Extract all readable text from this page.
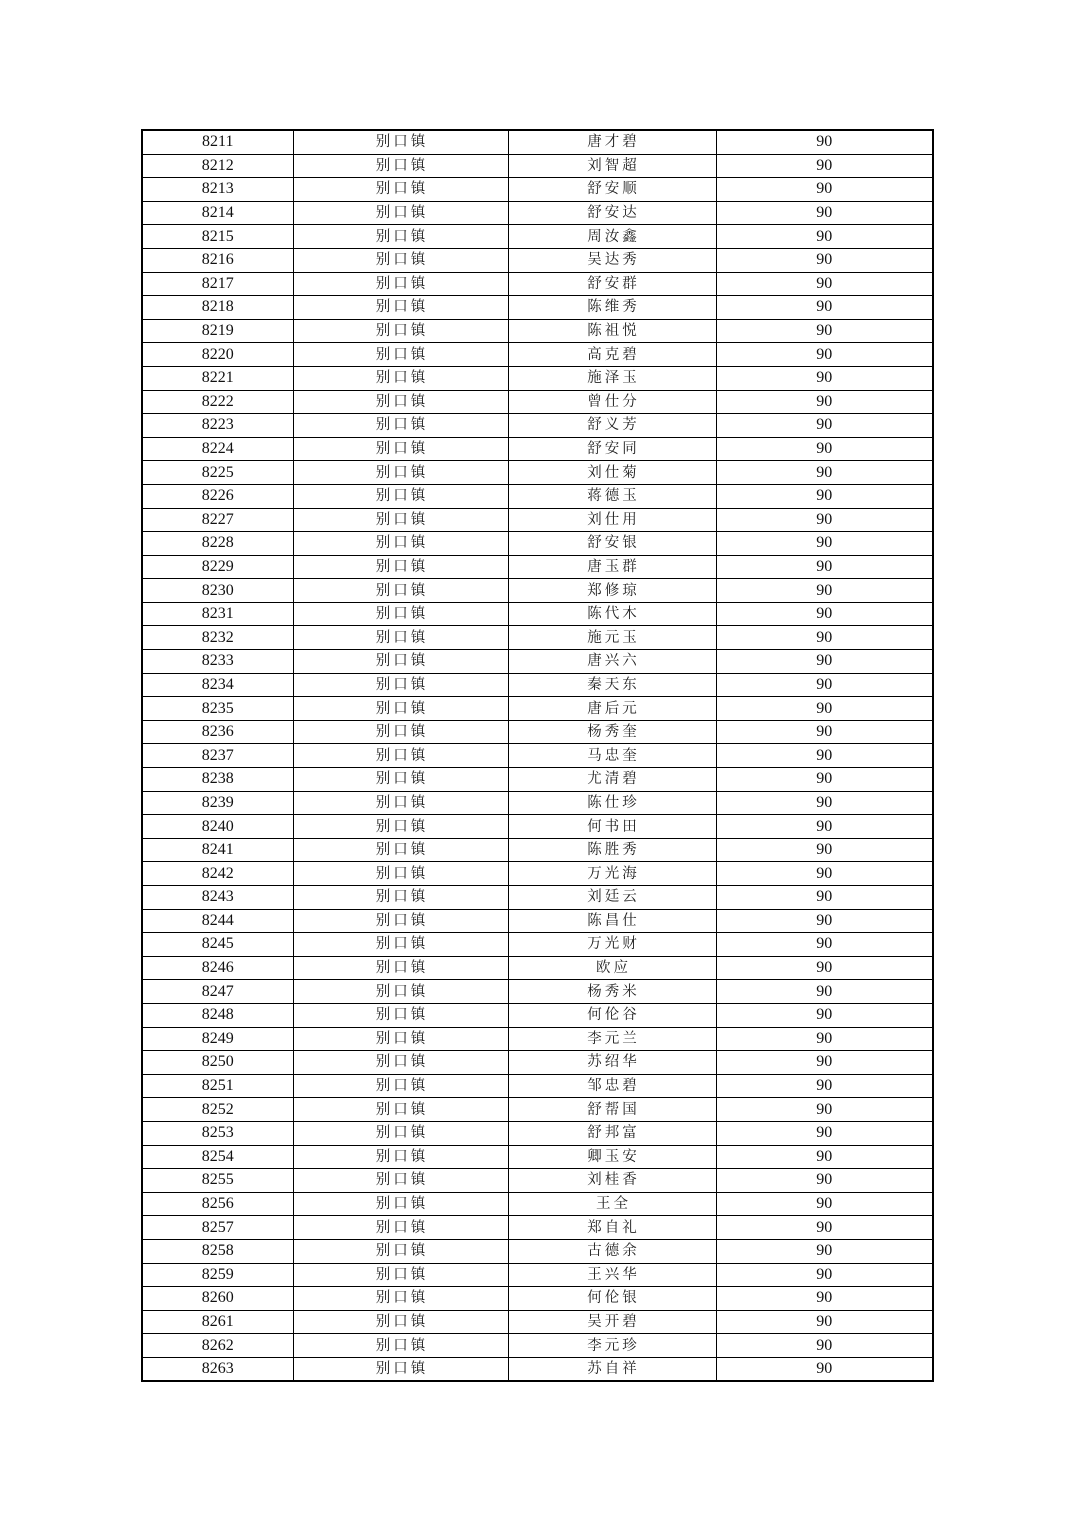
8211	别口镇	唐才碧	90
8212	别口镇	刘智超	90
8213	别口镇	舒安顺	90
8214	别口镇	舒安达	90
8215	别口镇	周汝鑫	90
8216	别口镇	吴达秀	90
8217	别口镇	舒安群	90
8218	别口镇	陈维秀	90
8219	别口镇	陈祖悦	90
8220	别口镇	高克碧	90
8221	别口镇	施泽玉	90
8222	别口镇	曾仕分	90
8223	别口镇	舒义芳	90
8224	别口镇	舒安同	90
8225	别口镇	刘仕菊	90
8226	别口镇	蒋德玉	90
8227	别口镇	刘仕用	90
8228	别口镇	舒安银	90
8229	别口镇	唐玉群	90
8230	别口镇	郑修琼	90
8231	别口镇	陈代木	90
8232	别口镇	施元玉	90
8233	别口镇	唐兴六	90
8234	别口镇	秦天东	90
8235	别口镇	唐后元	90
8236	别口镇	杨秀奎	90
8237	别口镇	马忠奎	90
8238	别口镇	尤清碧	90
8239	别口镇	陈仕珍	90
8240	别口镇	何书田	90
8241	别口镇	陈胜秀	90
8242	别口镇	万光海	90
8243	别口镇	刘廷云	90
8244	别口镇	陈昌仕	90
8245	别口镇	万光财	90
8246	别口镇	欧应	90
8247	别口镇	杨秀米	90
8248	别口镇	何伦谷	90
8249	别口镇	李元兰	90
8250	别口镇	苏绍华	90
8251	别口镇	邹忠碧	90
8252	别口镇	舒帮国	90
8253	别口镇	舒邦富	90
8254	别口镇	卿玉安	90
8255	别口镇	刘桂香	90
8256	别口镇	王全	90
8257	别口镇	郑自礼	90
8258	别口镇	古德余	90
8259	别口镇	王兴华	90
8260	别口镇	何伦银	90
8261	别口镇	吴开碧	90
8262	别口镇	李元珍	90
8263	别口镇	苏自祥	90
